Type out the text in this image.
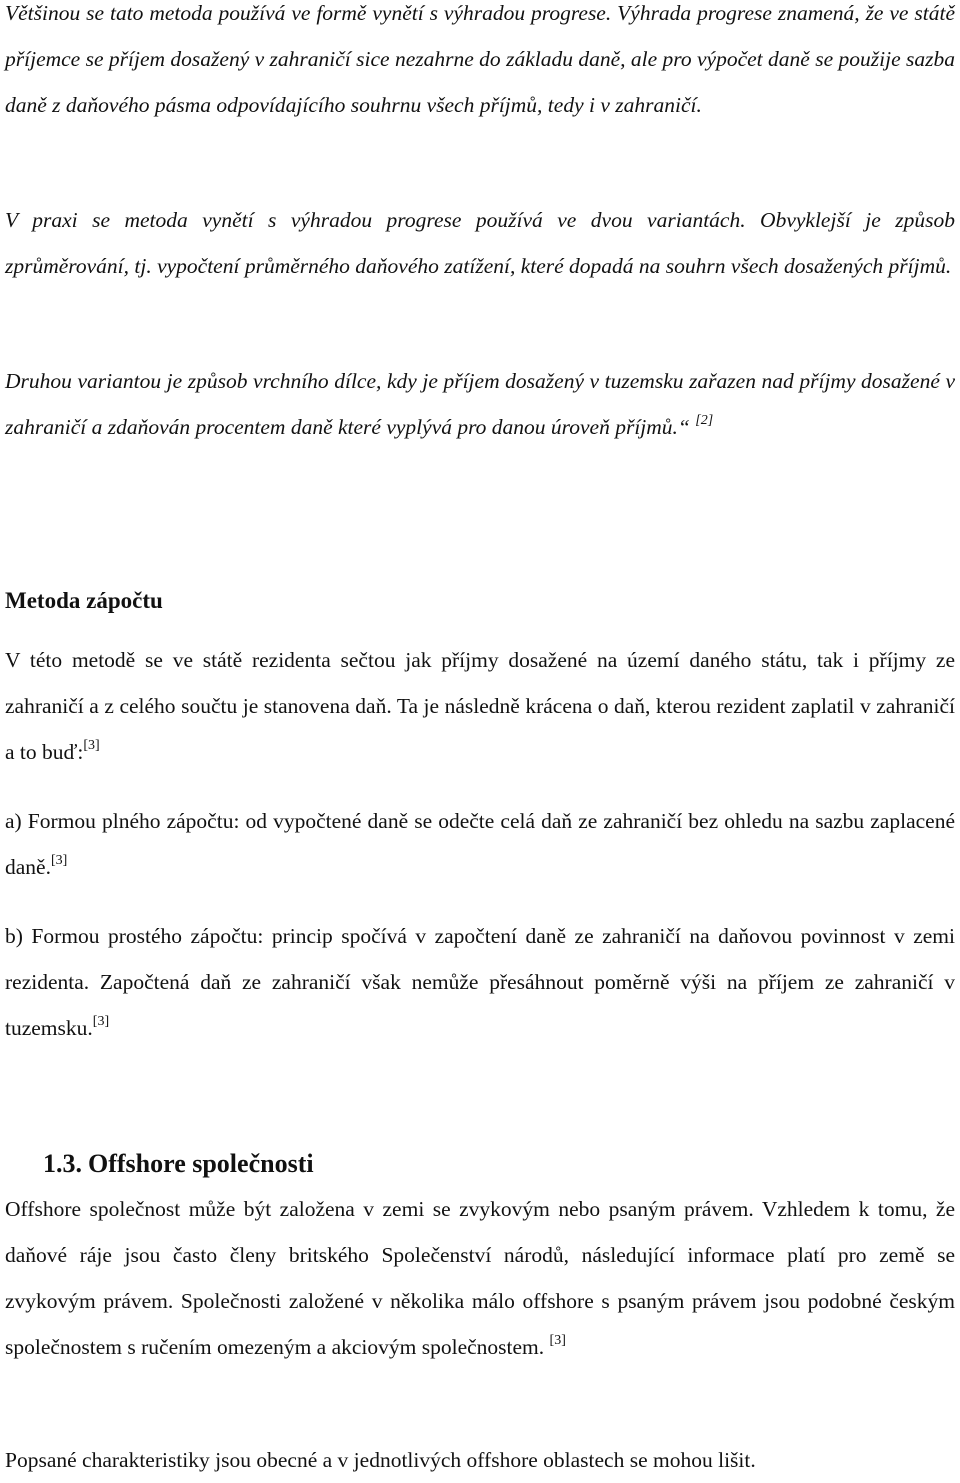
Většinou se tato metoda používá ve formě vynětí s výhradou progrese. Výhrada progrese znamená, že ve státě příjemce se příjem dosažený v zahraničí sice nezahrne do základu daně, ale pro výpočet daně se použije sazba daně z daňového pásma odpovídajícího souhrnu všech příjmů, tedy i v zahraničí.

V praxi se metoda vynětí s výhradou progrese používá ve dvou variantách. Obvyklejší je způsob zprůměrování, tj. vypočtení průměrného daňového zatížení, které dopadá na souhrn všech dosažených příjmů.

Druhou variantou je způsob vrchního dílce, kdy je příjem dosažený v tuzemsku zařazen nad příjmy dosažené v zahraničí a zdaňován procentem daně které vyplývá pro danou úroveň příjmů.“ [2]

Metoda zápočtu

V této metodě se ve státě rezidenta sečtou jak příjmy dosažené na území daného státu, tak i příjmy ze zahraničí a z celého součtu je stanovena daň. Ta je následně krácena o daň, kterou rezident zaplatil v zahraničí a to buď:[3]

a) Formou plného zápočtu: od vypočtené daně se odečte celá daň ze zahraničí bez ohledu na sazbu zaplacené daně.[3]

b) Formou prostého zápočtu: princip spočívá v započtení daně ze zahraničí na daňovou povinnost v zemi rezidenta. Započtená daň ze zahraničí však nemůže přesáhnout poměrně výši na příjem ze zahraničí v tuzemsku.[3]

1.3. Offshore společnosti

Offshore společnost může být založena v zemi se zvykovým nebo psaným právem. Vzhledem k tomu, že daňové ráje jsou často členy britského Společenství národů, následující informace platí pro země se zvykovým právem. Společnosti založené v několika málo offshore s psaným právem jsou podobné českým společnostem s ručením omezeným a akciovým společnostem. [3]

Popsané charakteristiky jsou obecné a v jednotlivých offshore oblastech se mohou lišit.
